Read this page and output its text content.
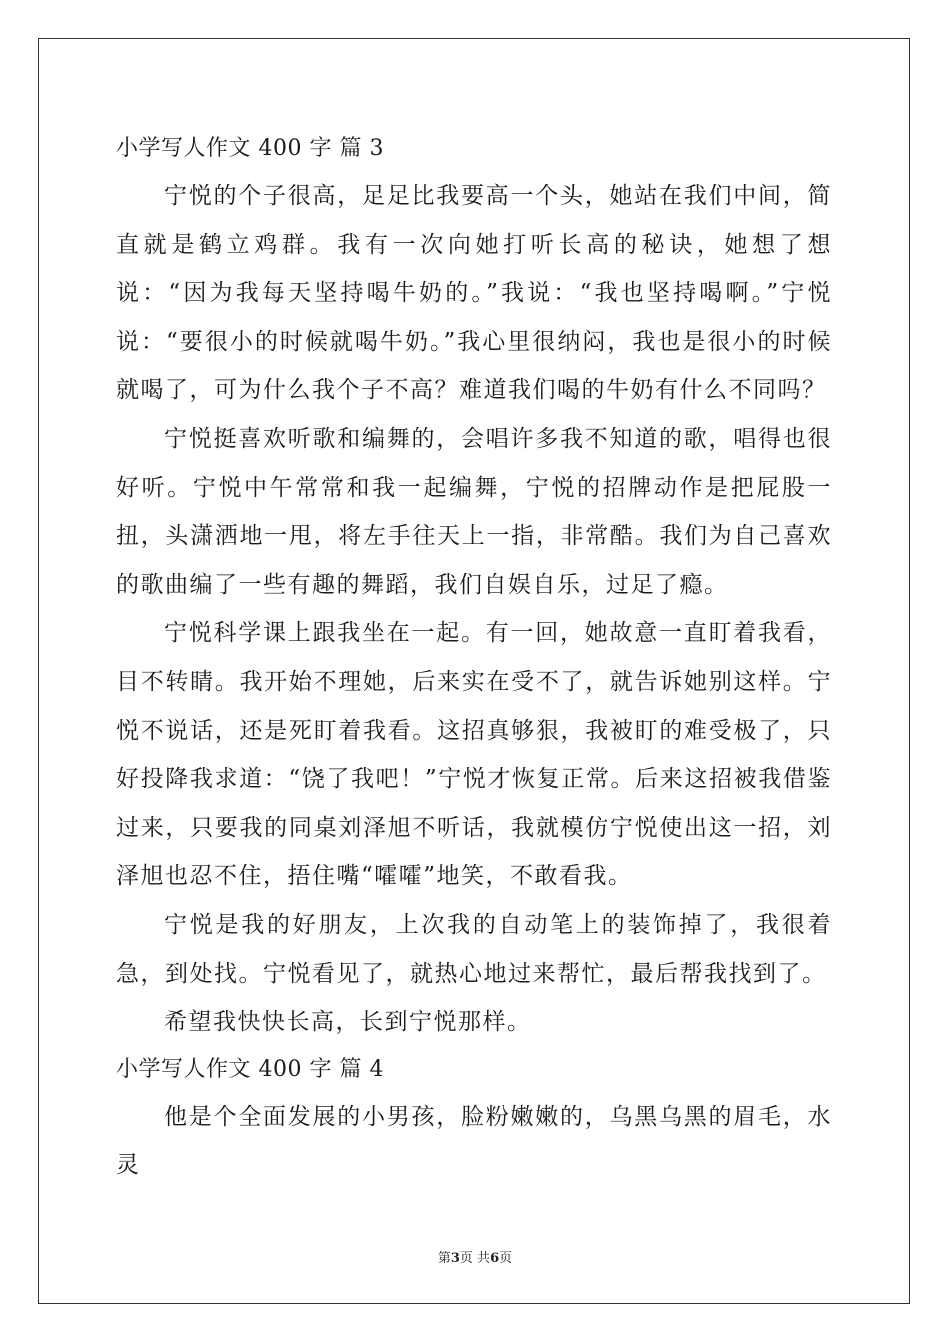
小学写人作文 400 字 篇 3

宁悦的个子很高，足足比我要高一个头，她站在我们中间，简直就是鹤立鸡群。我有一次向她打听长高的秘诀，她想了想说：“因为我每天坚持喝牛奶的。”我说：“我也坚持喝啊。”宁悦说：“要很小的时候就喝牛奶。”我心里很纳闷，我也是很小的时候就喝了，可为什么我个子不高？难道我们喝的牛奶有什么不同吗？

宁悦挺喜欢听歌和编舞的，会唱许多我不知道的歌，唱得也很好听。宁悦中午常常和我一起编舞，宁悦的招牌动作是把屁股一扭，头潇洒地一甩，将左手往天上一指，非常酷。我们为自己喜欢的歌曲编了一些有趣的舞蹈，我们自娱自乐，过足了瘾。

宁悦科学课上跟我坐在一起。有一回，她故意一直盯着我看，目不转睛。我开始不理她，后来实在受不了，就告诉她别这样。宁悦不说话，还是死盯着我看。这招真够狠，我被盯的难受极了，只好投降我求道：“饶了我吧！”宁悦才恢复正常。后来这招被我借鉴过来，只要我的同桌刘泽旭不听话，我就模仿宁悦使出这一招，刘泽旭也忍不住，捂住嘴“嚯嚯”地笑，不敢看我。

宁悦是我的好朋友，上次我的自动笔上的装饰掉了，我很着急，到处找。宁悦看见了，就热心地过来帮忙，最后帮我找到了。

希望我快快长高，长到宁悦那样。

小学写人作文 400 字 篇 4

他是个全面发展的小男孩，脸粉嫩嫩的，乌黑乌黑的眉毛，水灵

第3页 共6页
